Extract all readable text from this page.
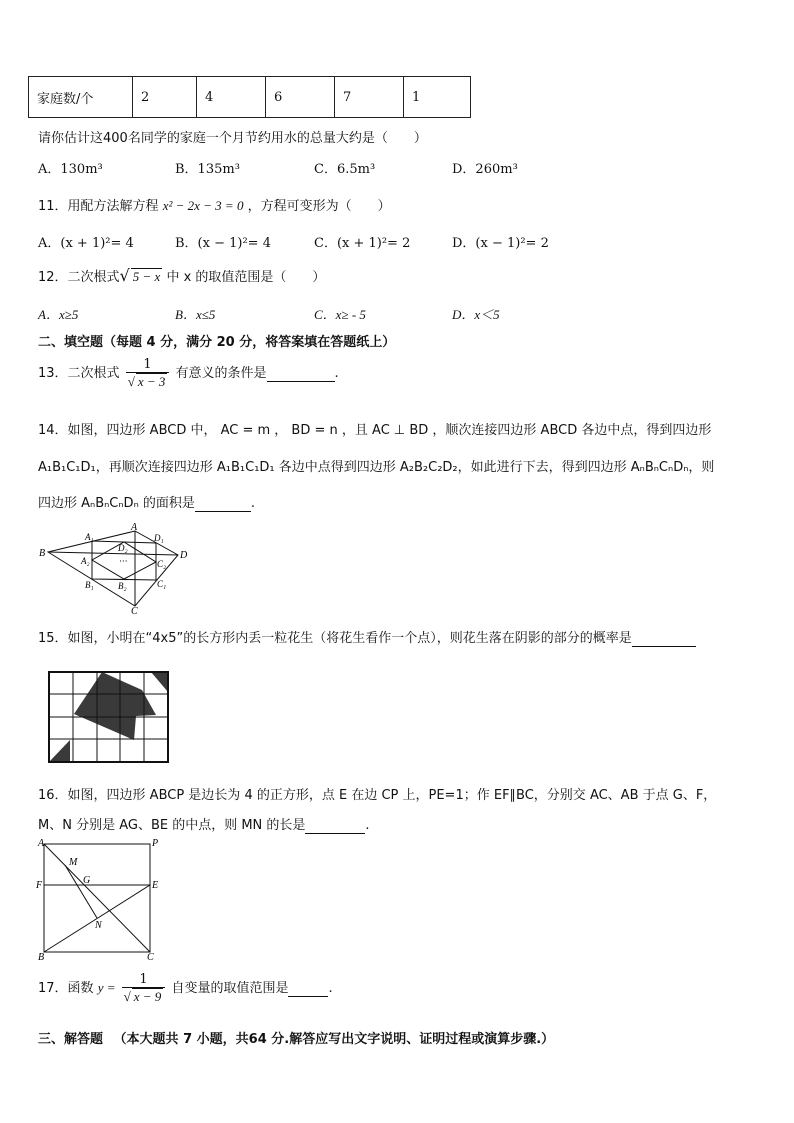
家庭数/个	2	4	6	7	1
请你估计这400名同学的家庭一个月节约用水的总量大约是（　　）
A．130m³	B．135m³	C．6.5m³	D．260m³
11．用配方法解方程 x² − 2x − 3 = 0 ，方程可变形为（　　）
A．(x + 1)²= 4	B．(x − 1)²= 4	C．(x + 1)²= 2	D．(x − 1)²= 2
12．二次根式√ 5 − x 中 x 的取值范围是（　　）
A．x≥5	B．x≤5	C．x≥ - 5	D．x＜5
二、填空题（每题 4 分，满分 20 分，将答案填在答题纸上）
13．二次根式 $\frac{1}{√ x - 3}$ 有意义的条件是	.
14．如图，四边形 ABCD 中， AC = m ， BD = n ，且 AC ⊥ BD ，顺次连接四边形 ABCD 各边中点，得到四边形
A₁B₁C₁D₁，再顺次连接四边形 A₁B₁C₁D₁ 各边中点得到四边形 A₂B₂C₂D₂，如此进行下去，得到四边形 AₙBₙCₙDₙ，则
四边形 AₙBₙCₙDₙ 的面积是	.
B
A
D
C
A₁	D₁
B₁	C₁
A₂
D₂
B₂
C₂
···
15．如图，小明在“4x5”的长方形内丢一粒花生（将花生看作一个点），则花生落在阴影的部分的概率是
16．如图，四边形 ABCP 是边长为 4 的正方形，点 E 在边 CP 上，PE=1；作 EF∥BC，分别交 AC、AB 于点 G、F，
M、N 分别是 AG、BE 的中点，则 MN 的长是	.
A	P
F	E
B	C
M
G
N
17．函数 $y = \frac{1}{√ x - 9}$ 自变量的取值范围是	.
三、解答题 （本大题共 7 小题，共64 分.解答应写出文字说明、证明过程或演算步骤.）
